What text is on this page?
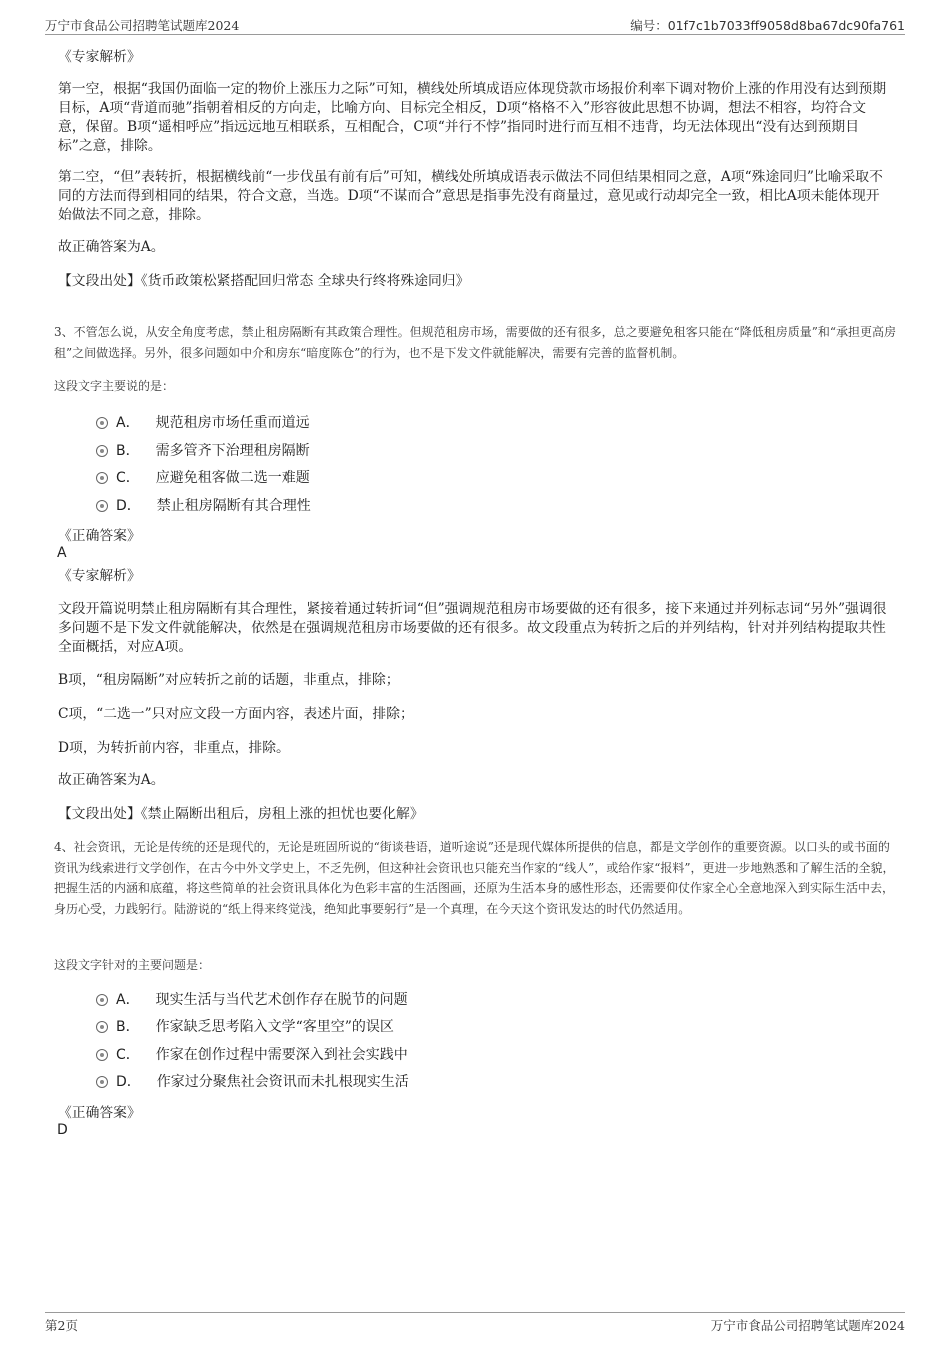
万宁市食品公司招聘笔试题库2024	编号：01f7c1b7033ff9058d8ba67dc90fa761
《专家解析》

第一空，根据“我国仍面临一定的物价上涨压力之际”可知，横线处所填成语应体现贷款市场报价利率下调对物价上涨的作用没有达到预期目标，A项“背道而驰”指朝着相反的方向走，比喻方向、目标完全相反，D项“格格不入”形容彼此思想不协调，想法不相容，均符合文意，保留。B项“遥相呼应”指远远地互相联系，互相配合，C项“并行不悖”指同时进行而互相不违背，均无法体现出“没有达到预期目标”之意，排除。

第二空，“但”表转折，根据横线前“一步伐虽有前有后”可知，横线处所填成语表示做法不同但结果相同之意，A项“殊途同归”比喻采取不同的方法而得到相同的结果，符合文意，当选。D项“不谋而合”意思是指事先没有商量过，意见或行动却完全一致，相比A项未能体现开始做法不同之意，排除。

故正确答案为A。
【文段出处】《货币政策松紧搭配回归常态 全球央行终将殊途同归》

3、不管怎么说，从安全角度考虑，禁止租房隔断有其政策合理性。但规范租房市场，需要做的还有很多，总之要避免租客只能在“降低租房质量”和“承担更高房租”之间做选择。另外，很多问题如中介和房东“暗度陈仓”的行为，也不是下发文件就能解决，需要有完善的监督机制。

这段文字主要说的是：
A． 规范租房市场任重而道远
B． 需多管齐下治理租房隔断
C． 应避免租客做二选一难题
D． 禁止租房隔断有其合理性
《正确答案》
A
《专家解析》

文段开篇说明禁止租房隔断有其合理性，紧接着通过转折词“但”强调规范租房市场要做的还有很多，接下来通过并列标志词“另外”强调很多问题不是下发文件就能解决，依然是在强调规范租房市场要做的还有很多。故文段重点为转折之后的并列结构，针对并列结构提取共性全面概括，对应A项。

B项，“租房隔断”对应转折之前的话题，非重点，排除；
C项，“二选一”只对应文段一方面内容，表述片面，排除；
D项，为转折前内容，非重点，排除。
故正确答案为A。
【文段出处】《禁止隔断出租后，房租上涨的担忧也要化解》

4、社会资讯，无论是传统的还是现代的，无论是班固所说的“街谈巷语，道听途说”还是现代媒体所提供的信息，都是文学创作的重要资源。以口头的或书面的资讯为线索进行文学创作，在古今中外文学史上，不乏先例，但这种社会资讯也只能充当作家的“线人”，或给作家“报料”，更进一步地熟悉和了解生活的全貌，把握生活的内涵和底蕴，将这些简单的社会资讯具体化为色彩丰富的生活图画，还原为生活本身的感性形态，还需要仰仗作家全心全意地深入到实际生活中去，身历心受，力践躬行。陆游说的“纸上得来终觉浅，绝知此事要躬行”是一个真理，在今天这个资讯发达的时代仍然适用。

这段文字针对的主要问题是：
A． 现实生活与当代艺术创作存在脱节的问题
B． 作家缺乏思考陷入文学“客里空”的误区
C． 作家在创作过程中需要深入到社会实践中
D． 作家过分聚焦社会资讯而未扎根现实生活
《正确答案》
D
第2页	万宁市食品公司招聘笔试题库2024
